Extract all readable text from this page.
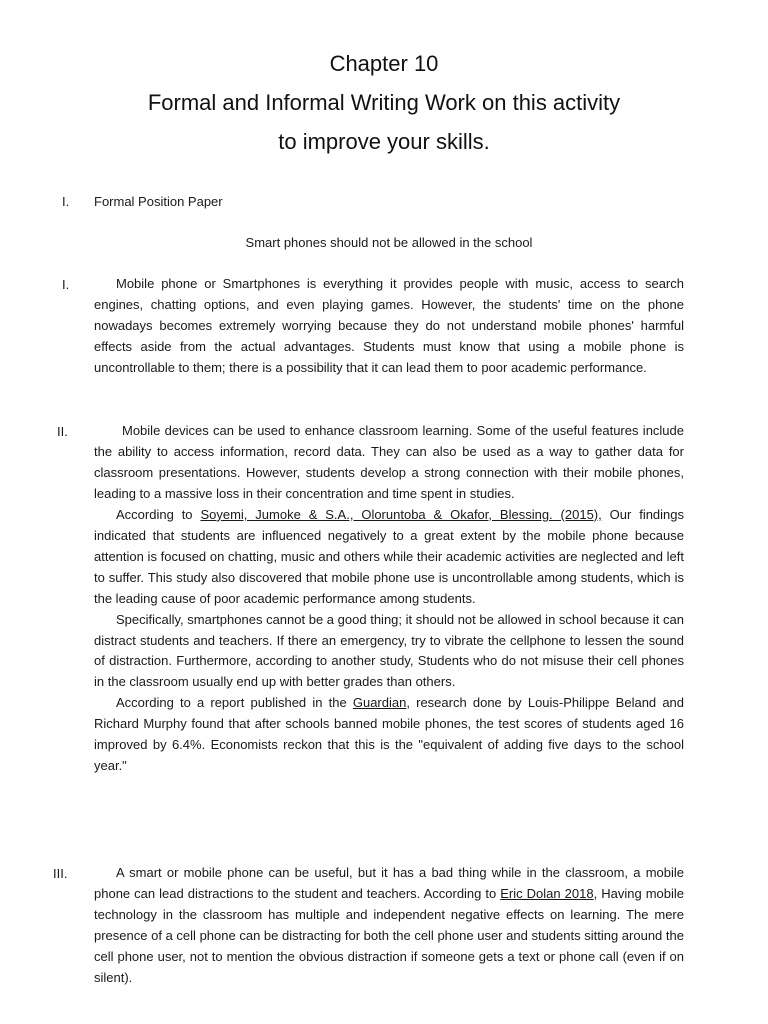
Chapter 10
Formal and Informal Writing Work on this activity
to improve your skills.
I. Formal Position Paper
Smart phones should not be allowed in the school
I.	Mobile phone or Smartphones is everything it provides people with music, access to search engines, chatting options, and even playing games. However, the students' time on the phone nowadays becomes extremely worrying because they do not understand mobile phones' harmful effects aside from the actual advantages. Students must know that using a mobile phone is uncontrollable to them; there is a possibility that it can lead them to poor academic performance.

II.	Mobile devices can be used to enhance classroom learning. Some of the useful features include the ability to access information, record data. They can also be used as a way to gather data for classroom presentations. However, students develop a strong connection with their mobile phones, leading to a massive loss in their concentration and time spent in studies.

According to Soyemi, Jumoke & S.A., Oloruntoba & Okafor, Blessing. (2015), Our findings indicated that students are influenced negatively to a great extent by the mobile phone because attention is focused on chatting, music and others while their academic activities are neglected and left to suffer. This study also discovered that mobile phone use is uncontrollable among students, which is the leading cause of poor academic performance among students.

Specifically, smartphones cannot be a good thing; it should not be allowed in school because it can distract students and teachers. If there an emergency, try to vibrate the cellphone to lessen the sound of distraction. Furthermore, according to another study, Students who do not misuse their cell phones in the classroom usually end up with better grades than others.

According to a report published in the Guardian, research done by Louis-Philippe Beland and Richard Murphy found that after schools banned mobile phones, the test scores of students aged 16 improved by 6.4%. Economists reckon that this is the "equivalent of adding five days to the school year."

III.	A smart or mobile phone can be useful, but it has a bad thing while in the classroom, a mobile phone can lead distractions to the student and teachers. According to Eric Dolan 2018, Having mobile technology in the classroom has multiple and independent negative effects on learning. The mere presence of a cell phone can be distracting for both the cell phone user and students sitting around the cell phone user, not to mention the obvious distraction if someone gets a text or phone call (even if on silent).
